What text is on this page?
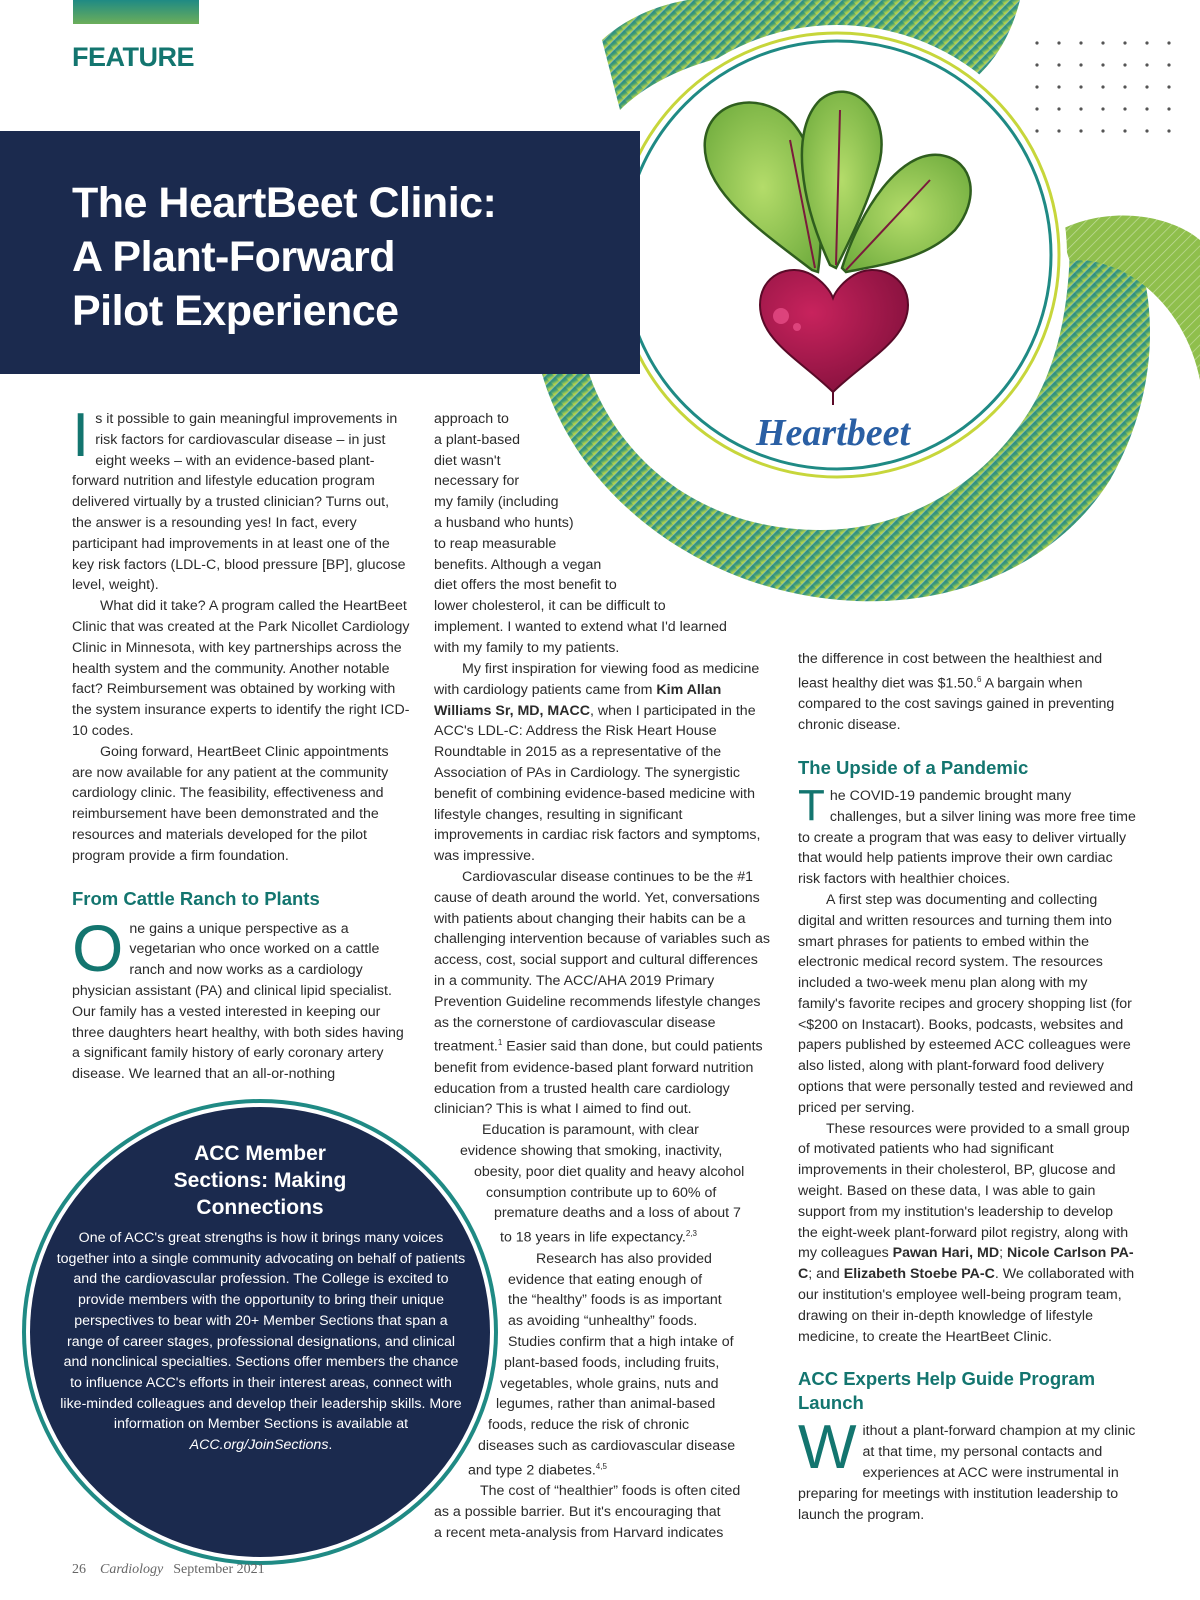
Heartbeet
FEATURE
The HeartBeet Clinic:
A Plant-Forward
Pilot Experience

Is it possible to gain meaningful improvements in risk factors for cardiovascular disease – in just eight weeks – with an evidence-based plant-forward nutrition and lifestyle education program delivered virtually by a trusted clinician? Turns out, the answer is a resounding yes! In fact, every participant had improvements in at least one of the key risk factors (LDL-C, blood pressure [BP], glucose level, weight).

What did it take? A program called the HeartBeet Clinic that was created at the Park Nicollet Cardiology Clinic in Minnesota, with key partnerships across the health system and the community. Another notable fact? Reimbursement was obtained by working with the system insurance experts to identify the right ICD-10 codes.

Going forward, HeartBeet Clinic appointments are now available for any patient at the community cardiology clinic. The feasibility, effectiveness and reimbursement have been demonstrated and the resources and materials developed for the pilot program provide a firm foundation.

From Cattle Ranch to Plants

One gains a unique perspective as a vegetarian who once worked on a cattle ranch and now works as a cardiology physician assistant (PA) and clinical lipid specialist. Our family has a vested interested in keeping our three daughters heart healthy, with both sides having a significant family history of early coronary artery disease. We learned that an all-or-nothing

approach to
a plant-based
diet wasn't
necessary for
my family (including
a husband who hunts)
to reap measurable
benefits. Although a vegan
diet offers the most benefit to
lower cholesterol, it can be difficult to
implement. I wanted to extend what I'd learned
with my family to my patients.

My first inspiration for viewing food as medicine with cardiology patients came from Kim Allan Williams Sr, MD, MACC, when I participated in the ACC's LDL-C: Address the Risk Heart House Roundtable in 2015 as a representative of the Association of PAs in Cardiology. The synergistic benefit of combining evidence-based medicine with lifestyle changes, resulting in significant improvements in cardiac risk factors and symptoms, was impressive.

Cardiovascular disease continues to be the #1 cause of death around the world. Yet, conversations with patients about changing their habits can be a challenging intervention because of variables such as access, cost, social support and cultural differences in a community. The ACC/AHA 2019 Primary Prevention Guideline recommends lifestyle changes as the cornerstone of cardiovascular disease treatment.$^1$ Easier said than done, but could patients benefit from evidence-based plant forward nutrition education from a trusted health care cardiology clinician? This is what I aimed to find out.

Education is paramount, with clear
evidence showing that smoking, inactivity,
obesity, poor diet quality and heavy alcohol
consumption contribute up to 60% of
premature deaths and a loss of about 7
to 18 years in life expectancy.$^{2,3}$
Research has also provided
evidence that eating enough of
the “healthy” foods is as important
as avoiding “unhealthy” foods.
Studies confirm that a high intake of
plant-based foods, including fruits,
vegetables, whole grains, nuts and
legumes, rather than animal-based
foods, reduce the risk of chronic
diseases such as cardiovascular disease
and type 2 diabetes.$^{4,5}$
The cost of “healthier” foods is often cited
as a possible barrier. But it's encouraging that
a recent meta-analysis from Harvard indicates

the difference in cost between the healthiest and least healthy diet was $1.50.$^6$ A bargain when compared to the cost savings gained in preventing chronic disease.

The Upside of a Pandemic

The COVID-19 pandemic brought many challenges, but a silver lining was more free time to create a program that was easy to deliver virtually that would help patients improve their own cardiac risk factors with healthier choices.

A first step was documenting and collecting digital and written resources and turning them into smart phrases for patients to embed within the electronic medical record system. The resources included a two-week menu plan along with my family's favorite recipes and grocery shopping list (for <$200 on Instacart). Books, podcasts, websites and papers published by esteemed ACC colleagues were also listed, along with plant-forward food delivery options that were personally tested and reviewed and priced per serving.

These resources were provided to a small group of motivated patients who had significant improvements in their cholesterol, BP, glucose and weight. Based on these data, I was able to gain support from my institution's leadership to develop the eight-week plant-forward pilot registry, along with my colleagues Pawan Hari, MD; Nicole Carlson PA-C; and Elizabeth Stoebe PA-C. We collaborated with our institution's employee well-being program team, drawing on their in-depth knowledge of lifestyle medicine, to create the HeartBeet Clinic.

ACC Experts Help Guide Program Launch

Without a plant-forward champion at my clinic at that time, my personal contacts and experiences at ACC were instrumental in preparing for meetings with institution leadership to launch the program.

ACC Member Sections: Making Connections
One of ACC's great strengths is how it brings many voices together into a single community advocating on behalf of patients and the cardiovascular profession. The College is excited to provide members with the opportunity to bring their unique perspectives to bear with 20+ Member Sections that span a range of career stages, professional designations, and clinical and nonclinical specialties. Sections offer members the chance to influence ACC's efforts in their interest areas, connect with like-minded colleagues and develop their leadership skills. More information on Member Sections is available at ACC.org/JoinSections.
26 Cardiology September 2021
